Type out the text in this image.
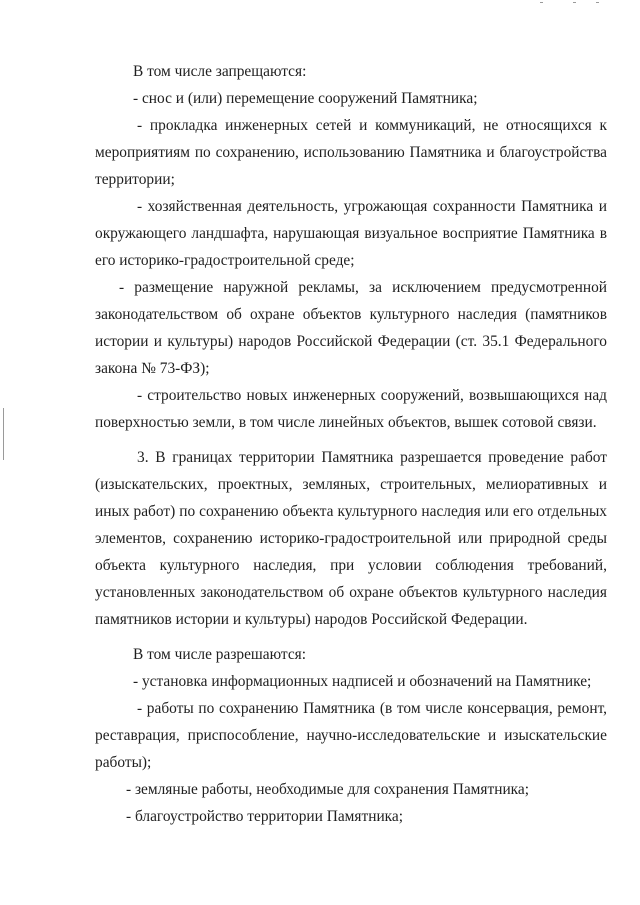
В том числе запрещаются:

- снос и (или) перемещение сооружений Памятника;

- прокладка инженерных сетей и коммуникаций, не относящихся к мероприятиям по сохранению, использованию Памятника и благоустройства территории;

- хозяйственная деятельность, угрожающая сохранности Памятника и окружающего ландшафта, нарушающая визуальное восприятие Памятника в его историко-градостроительной среде;

- размещение наружной рекламы, за исключением предусмотренной законодательством об охране объектов культурного наследия (памятников истории и культуры) народов Российской Федерации (ст. 35.1 Федерального закона № 73-ФЗ);

- строительство новых инженерных сооружений, возвышающихся над поверхностью земли, в том числе линейных объектов, вышек сотовой связи.

3. В границах территории Памятника разрешается проведение работ (изыскательских, проектных, земляных, строительных, мелиоративных и иных работ) по сохранению объекта культурного наследия или его отдельных элементов, сохранению историко-градостроительной или природной среды объекта культурного наследия, при условии соблюдения требований, установленных законодательством об охране объектов культурного наследия памятников истории и культуры) народов Российской Федерации.

В том числе разрешаются:

- установка информационных надписей и обозначений на Памятнике;

- работы по сохранению Памятника (в том числе консервация, ремонт, реставрация, приспособление, научно-исследовательские и изыскательские работы);

- земляные работы, необходимые для сохранения Памятника;

- благоустройство территории Памятника;
